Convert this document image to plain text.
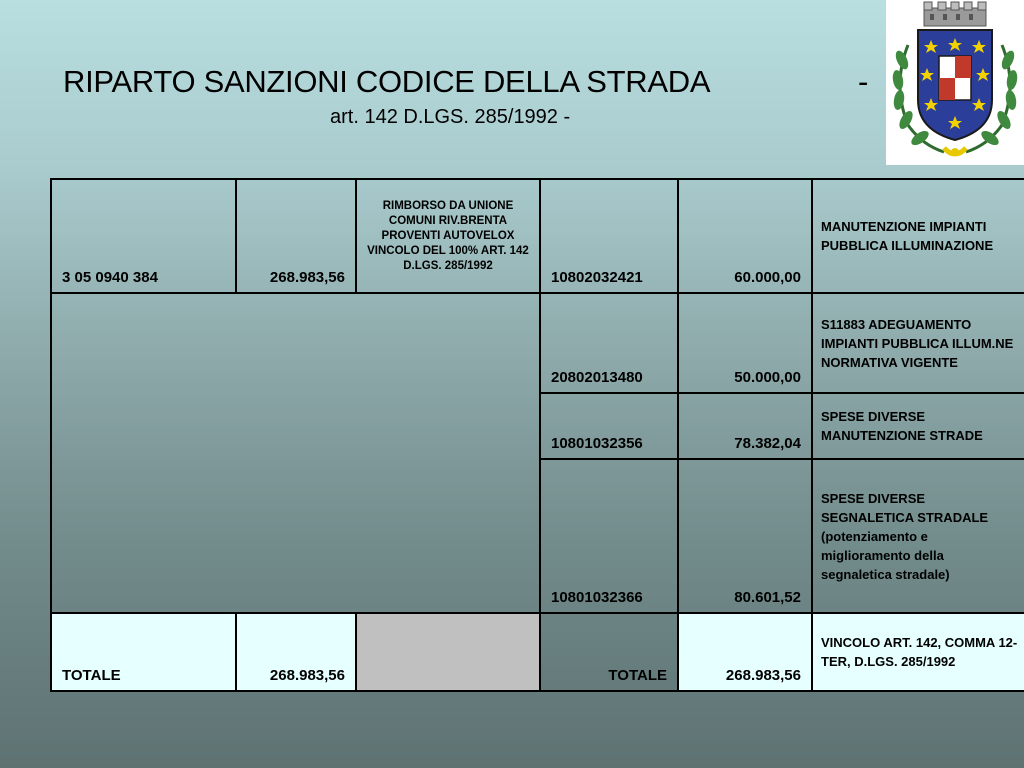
RIPARTO SANZIONI CODICE DELLA STRADA	-
art. 142 D.LGS. 285/1992 -
3 05 0940 384	268.983,56	RIMBORSO DA UNIONE COMUNI RIV.BRENTA PROVENTI AUTOVELOX VINCOLO DEL 100% ART. 142 D.LGS. 285/1992	10802032421	60.000,00	MANUTENZIONE IMPIANTI PUBBLICA ILLUMINAZIONE
			20802013480	50.000,00	S11883 ADEGUAMENTO IMPIANTI PUBBLICA ILLUM.NE NORMATIVA VIGENTE
			10801032356	78.382,04	SPESE DIVERSE MANUTENZIONE STRADE
			10801032366	80.601,52	SPESE DIVERSE SEGNALETICA STRADALE (potenziamento e miglioramento della segnaletica stradale)
TOTALE	268.983,56		TOTALE	268.983,56	VINCOLO ART. 142, COMMA 12-TER, D.LGS. 285/1992
